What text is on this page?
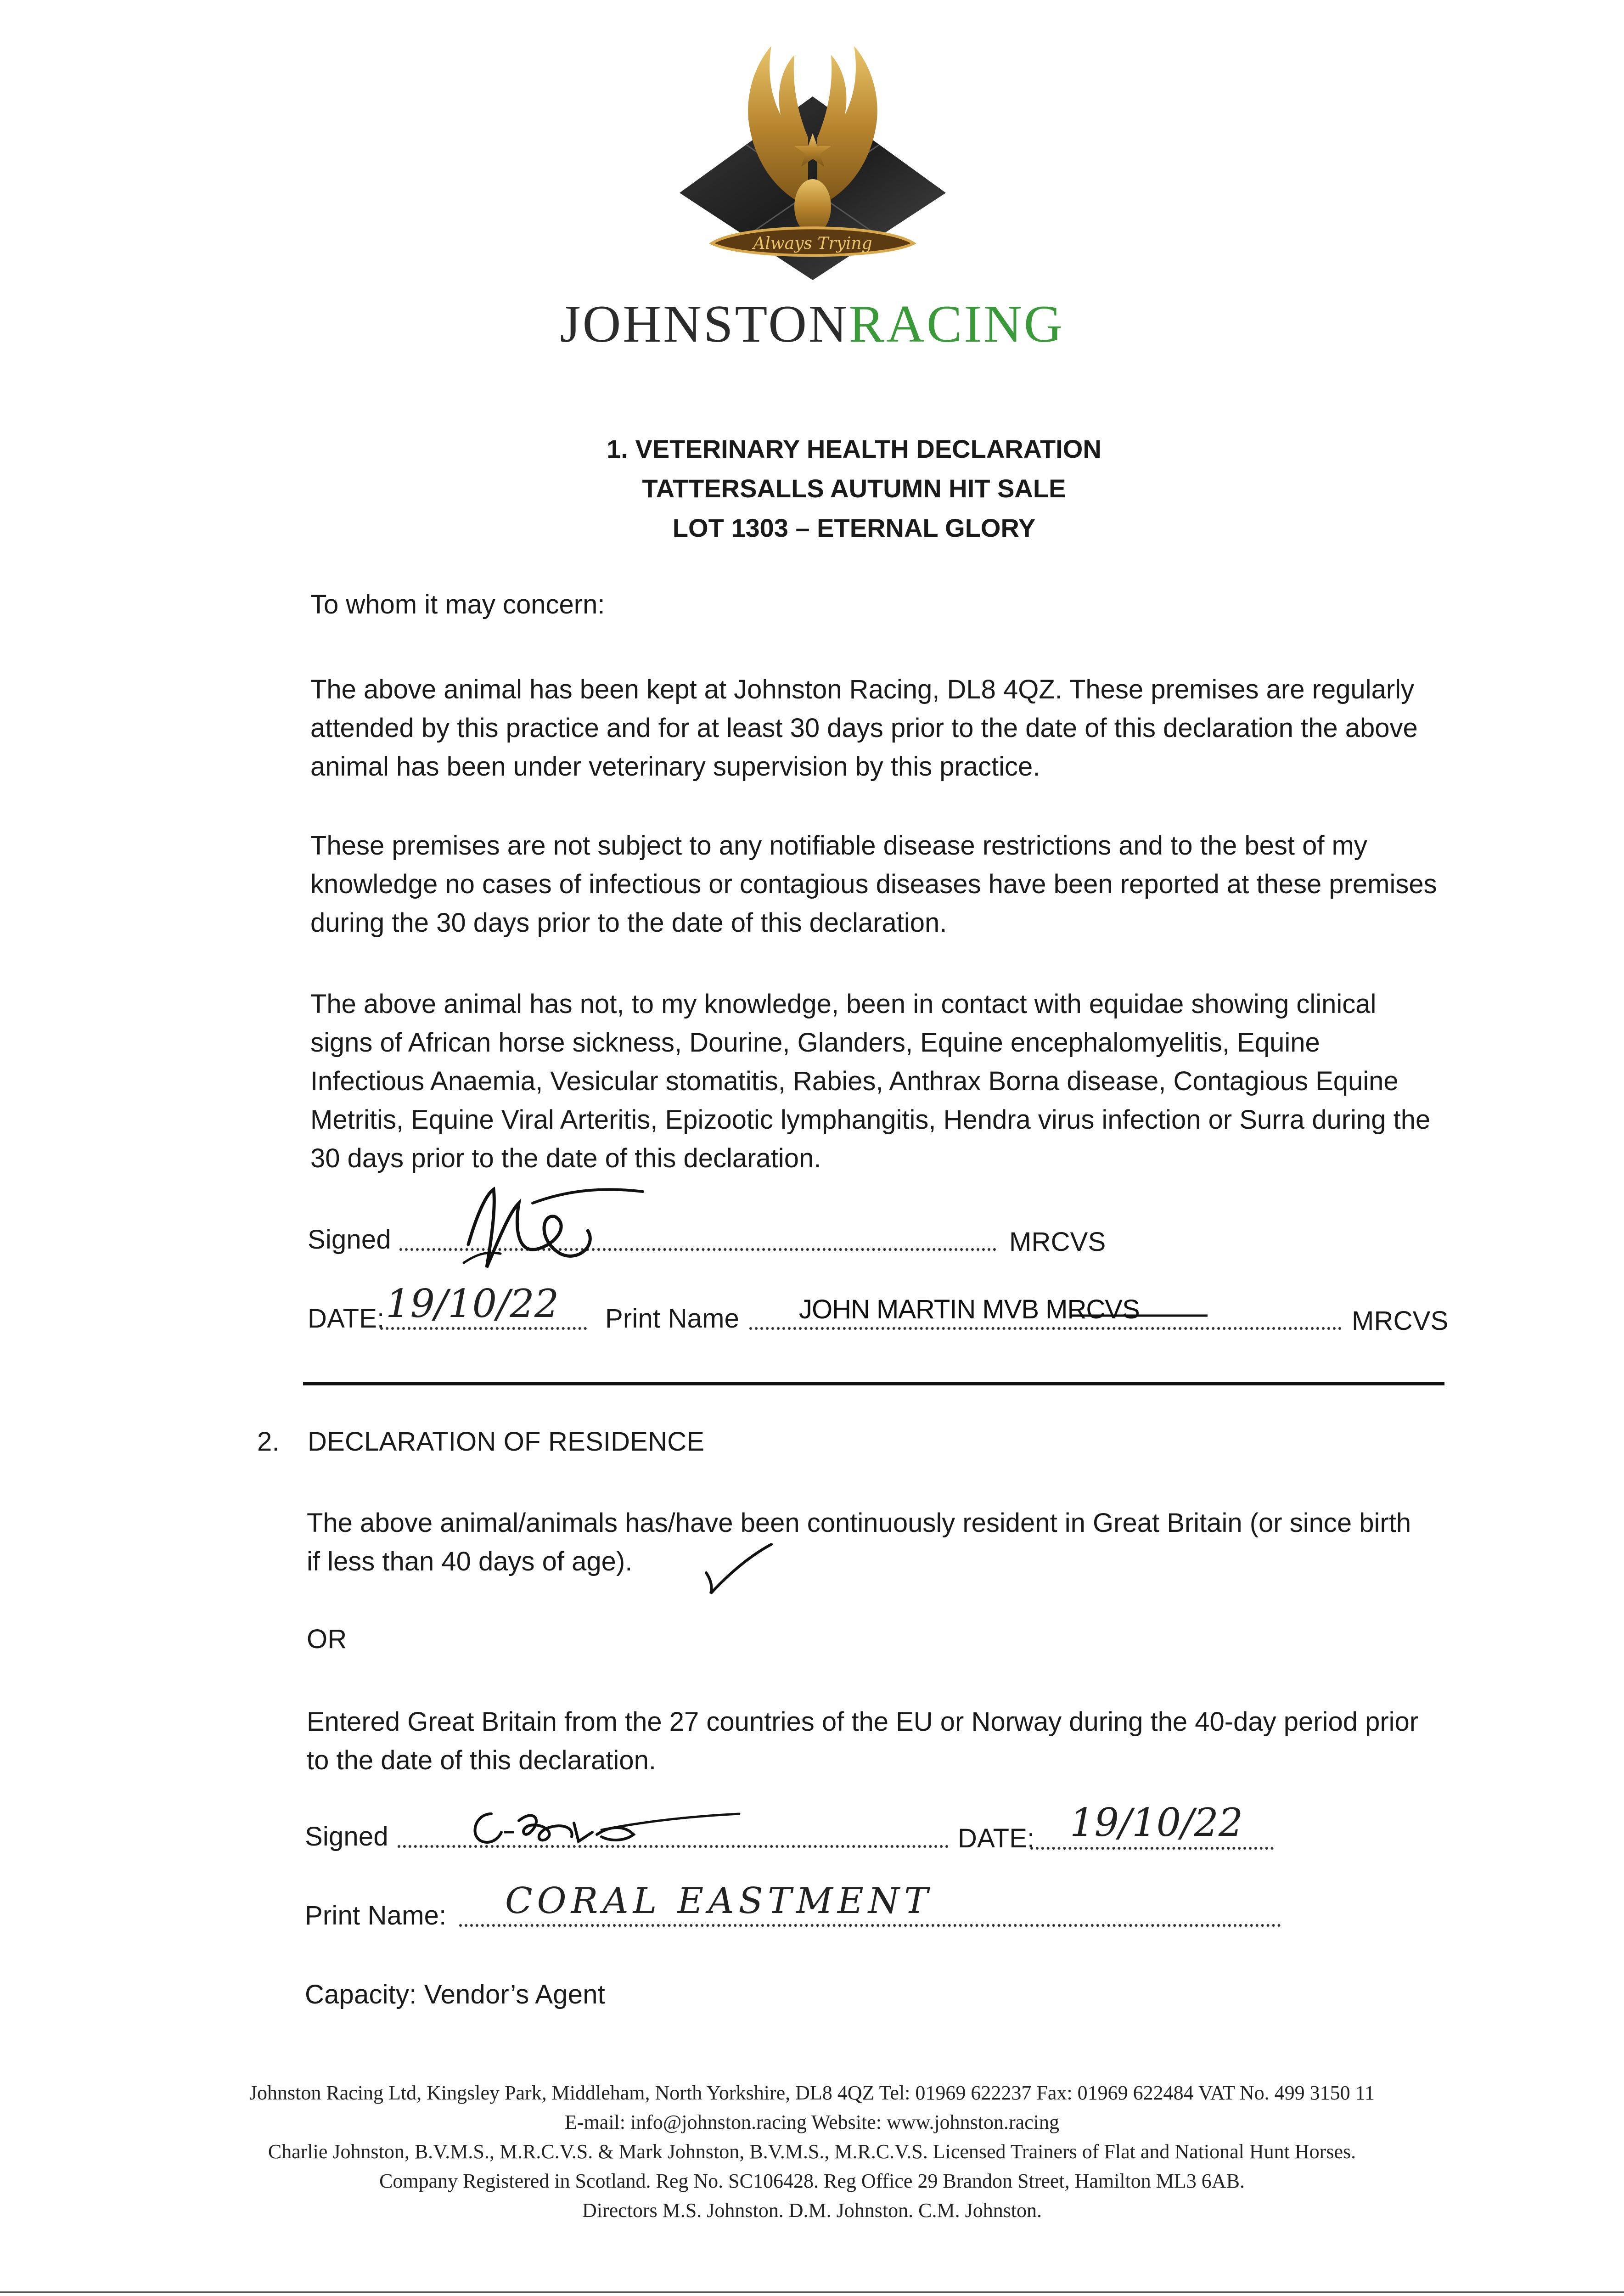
Always Trying
JOHNSTONRACING
1. VETERINARY HEALTH DECLARATION
TATTERSALLS AUTUMN HIT SALE
LOT 1303 – ETERNAL GLORY
To whom it may concern:
The above animal has been kept at Johnston Racing, DL8 4QZ. These premises are regularly attended by this practice and for at least 30 days prior to the date of this declaration the above animal has been under veterinary supervision by this practice.
These premises are not subject to any notifiable disease restrictions and to the best of my knowledge no cases of infectious or contagious diseases have been reported at these premises during the 30 days prior to the date of this declaration.
The above animal has not, to my knowledge, been in contact with equidae showing clinical signs of African horse sickness, Dourine, Glanders, Equine encephalomyelitis, Equine Infectious Anaemia, Vesicular stomatitis, Rabies, Anthrax Borna disease, Contagious Equine Metritis, Equine Viral Arteritis, Epizootic lymphangitis, Hendra virus infection or Surra during the 30 days prior to the date of this declaration.
Signed	MRCVS
DATE: 19/10/22 Print Name JOHN MARTIN MVB MRCVS	MRCVS
2. DECLARATION OF RESIDENCE
The above animal/animals has/have been continuously resident in Great Britain (or since birth if less than 40 days of age).
OR
Entered Great Britain from the 27 countries of the EU or Norway during the 40-day period prior to the date of this declaration.
Signed	DATE: 19/10/22
Print Name: CORAL EASTMENT
Capacity: Vendor’s Agent
Johnston Racing Ltd, Kingsley Park, Middleham, North Yorkshire, DL8 4QZ Tel: 01969 622237 Fax: 01969 622484 VAT No. 499 3150 11
E-mail: info@johnston.racing Website: www.johnston.racing
Charlie Johnston, B.V.M.S., M.R.C.V.S. & Mark Johnston, B.V.M.S., M.R.C.V.S. Licensed Trainers of Flat and National Hunt Horses.
Company Registered in Scotland. Reg No. SC106428. Reg Office 29 Brandon Street, Hamilton ML3 6AB.
Directors M.S. Johnston. D.M. Johnston. C.M. Johnston.
